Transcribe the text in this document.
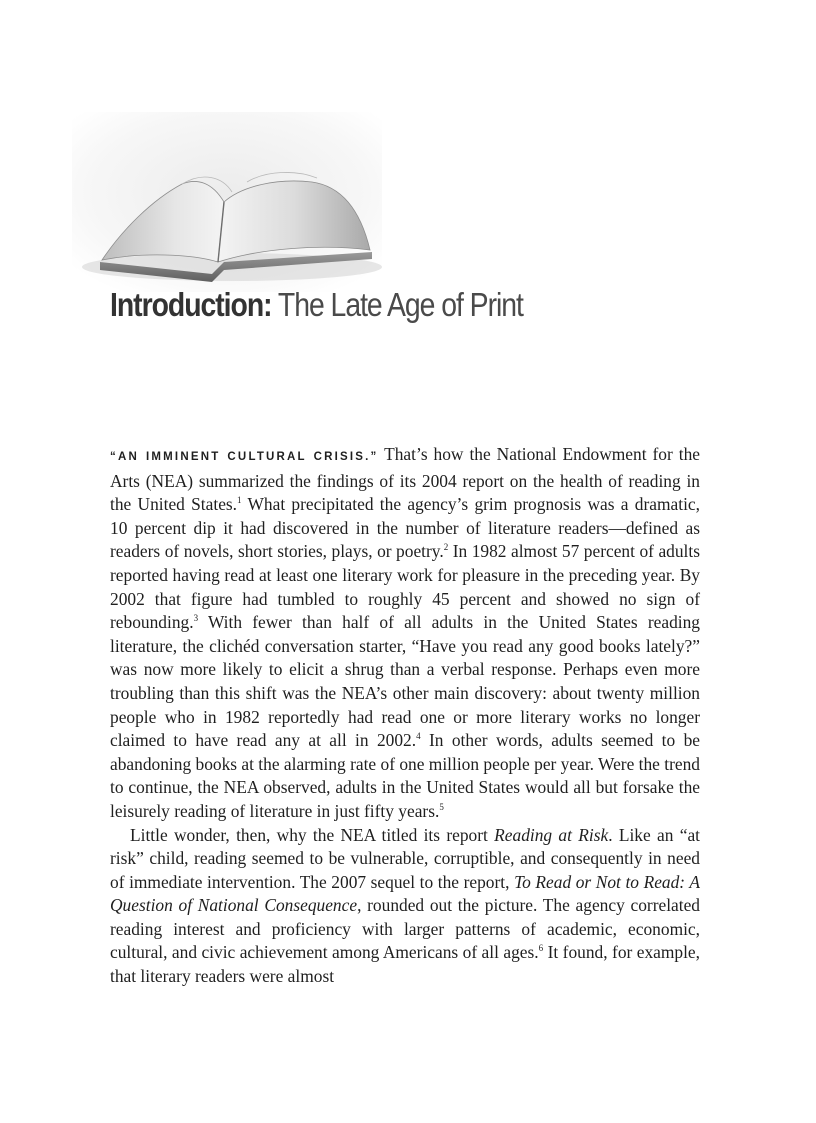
Introduction: The Late Age of Print

“AN IMMINENT CULTURAL CRISIS.” That’s how the National Endowment for the Arts (NEA) summarized the findings of its 2004 report on the health of reading in the United States.$^1$ What precipitated the agency’s grim prognosis was a dramatic, 10 percent dip it had discovered in the number of literature readers—defined as readers of novels, short stories, plays, or poetry.$^2$ In 1982 almost 57 percent of adults reported having read at least one literary work for pleasure in the preceding year. By 2002 that figure had tumbled to roughly 45 percent and showed no sign of rebounding.$^3$ With fewer than half of all adults in the United States reading literature, the clichéd conversation starter, “Have you read any good books lately?” was now more likely to elicit a shrug than a verbal response. Perhaps even more troubling than this shift was the NEA’s other main discovery: about twenty million people who in 1982 reportedly had read one or more literary works no longer claimed to have read any at all in 2002.$^4$ In other words, adults seemed to be abandoning books at the alarming rate of one million people per year. Were the trend to continue, the NEA observed, adults in the United States would all but forsake the leisurely reading of literature in just fifty years.$^5$

Little wonder, then, why the NEA titled its report Reading at Risk. Like an “at risk” child, reading seemed to be vulnerable, corruptible, and consequently in need of immediate intervention. The 2007 sequel to the report, To Read or Not to Read: A Question of National Consequence, rounded out the picture. The agency correlated reading interest and proficiency with larger patterns of academic, economic, cultural, and civic achievement among Americans of all ages.$^6$ It found, for example, that literary readers were almost
